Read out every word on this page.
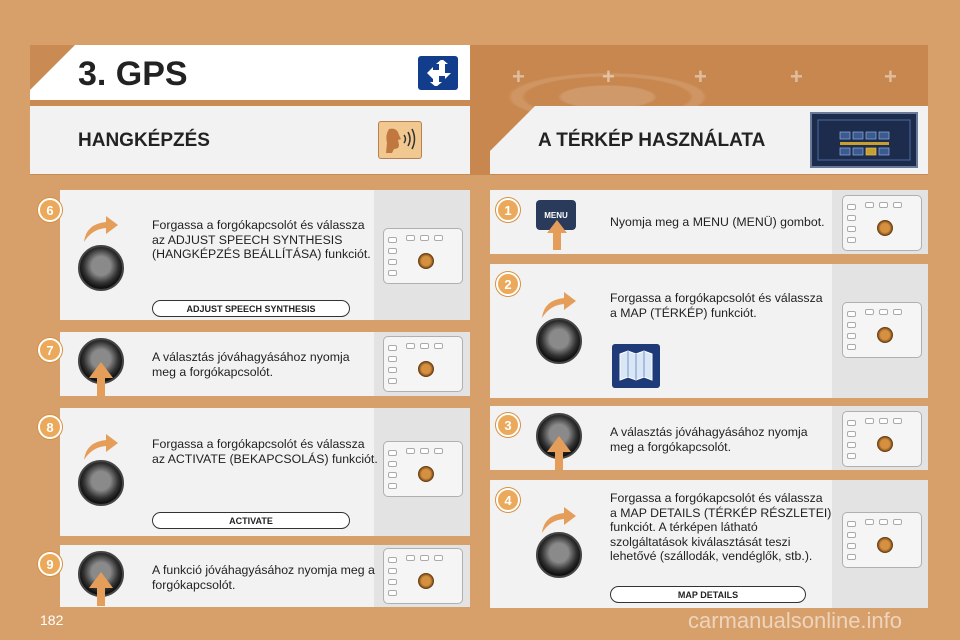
+	+	+	+	+
3. GPS
HANGKÉPZÉS	A TÉRKÉP HASZNÁLATA
6
Forgassa a forgókapcsolót és válassza az ADJUST SPEECH SYNTHESIS (HANGKÉPZÉS BEÁLLÍTÁSA) funkciót.
ADJUST SPEECH SYNTHESIS
7	A választás jóváhagyásához nyomja meg a forgókapcsolót.
8
Forgassa a forgókapcsolót és válassza az ACTIVATE (BEKAPCSOLÁS) funkciót.
ACTIVATE
9	A funkció jóváhagyásához nyomja meg a forgókapcsolót.
1	MENU	Nyomja meg a MENU (MENÜ) gombot.
2
Forgassa a forgókapcsolót és válassza a MAP (TÉRKÉP) funkciót.
3	A választás jóváhagyásához nyomja meg a forgókapcsolót.
4	Forgassa a forgókapcsolót és válassza a MAP DETAILS (TÉRKÉP RÉSZLETEI) funkciót. A térképen látható szolgáltatások kiválasztását teszi lehetővé (szállodák, vendéglők, stb.).
MAP DETAILS
182	carmanualsonline.info
